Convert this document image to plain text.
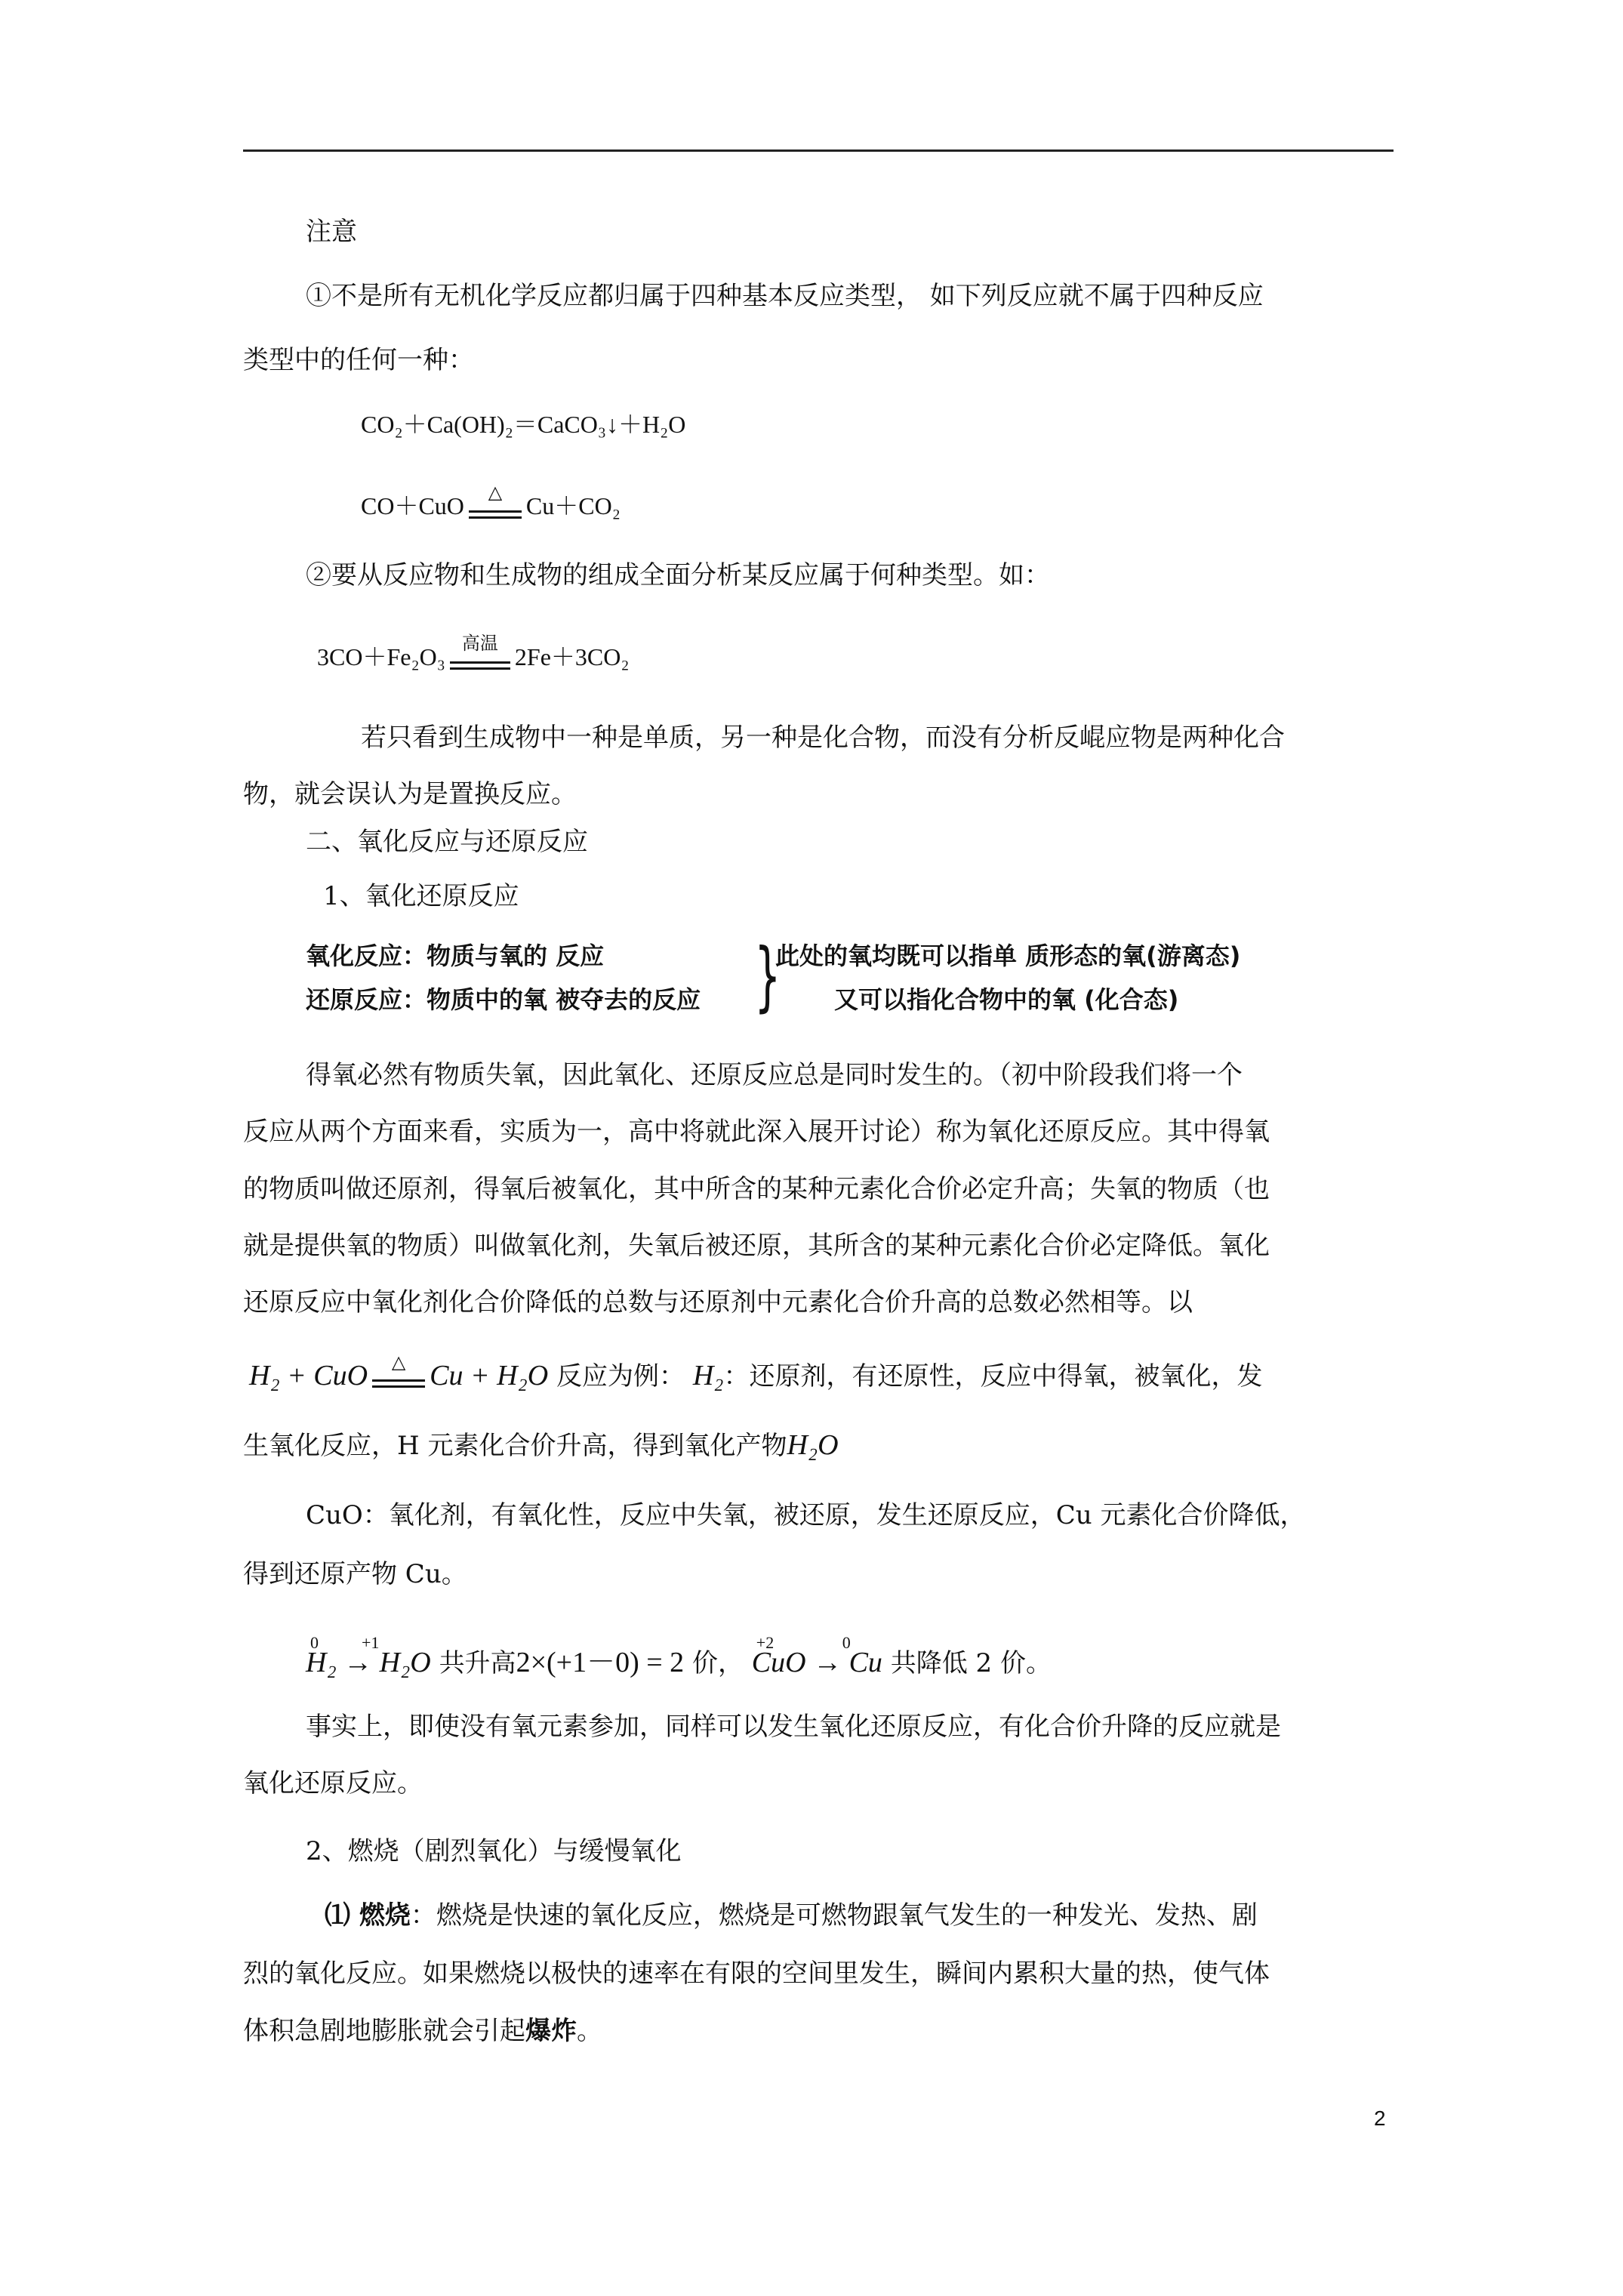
注意
①不是所有无机化学反应都归属于四种基本反应类型， 如下列反应就不属于四种反应
类型中的任何一种：
CO₂＋Ca(OH)₂＝CaCO₃↓＋H₂O
CO＋CuO	△ Cu＋CO₂
②要从反应物和生成物的组成全面分析某反应属于何种类型。如：
3CO＋Fe₂O₃ 高温 2Fe＋3CO₂
若只看到生成物中一种是单质，另一种是化合物，而没有分析反崐应物是两种化合
物，就会误认为是置换反应。
二、氧化反应与还原反应
1、氧化还原反应
氧化反应：物质与氧的 反应
还原反应：物质中的氧 被夺去的反应 }
此处的氧均既可以指单 质形态的氧(游离态)
又可以指化合物中的氧 (化合态)
得氧必然有物质失氧，因此氧化、还原反应总是同时发生的。（初中阶段我们将一个
反应从两个方面来看，实质为一，高中将就此深入展开讨论）称为氧化还原反应。其中得氧
的物质叫做还原剂，得氧后被氧化，其中所含的某种元素化合价必定升高；失氧的物质（也
就是提供氧的物质）叫做氧化剂，失氧后被还原，其所含的某种元素化合价必定降低。氧化
还原反应中氧化剂化合价降低的总数与还原剂中元素化合价升高的总数必然相等。以
H₂ + CuO	△ Cu + H₂O 反应为例： H₂：还原剂，有还原性，反应中得氧，被氧化，发
生氧化反应，H 元素化合价升高，得到氧化产物H₂O
CuO：氧化剂，有氧化性，反应中失氧，被还原，发生还原反应，Cu 元素化合价降低，
得到还原产物 Cu。
0	+1
H₂ → H₂O 共升高2×(+1－0) = 2 价，
+2	0
CuO → Cu 共降低 2 价。
事实上，即使没有氧元素参加，同样可以发生氧化还原反应，有化合价升降的反应就是
氧化还原反应。
2、燃烧（剧烈氧化）与缓慢氧化
⑴ 燃烧：燃烧是快速的氧化反应，燃烧是可燃物跟氧气发生的一种发光、发热、剧
烈的氧化反应。如果燃烧以极快的速率在有限的空间里发生，瞬间内累积大量的热，使气体
体积急剧地膨胀就会引起爆炸。
2
